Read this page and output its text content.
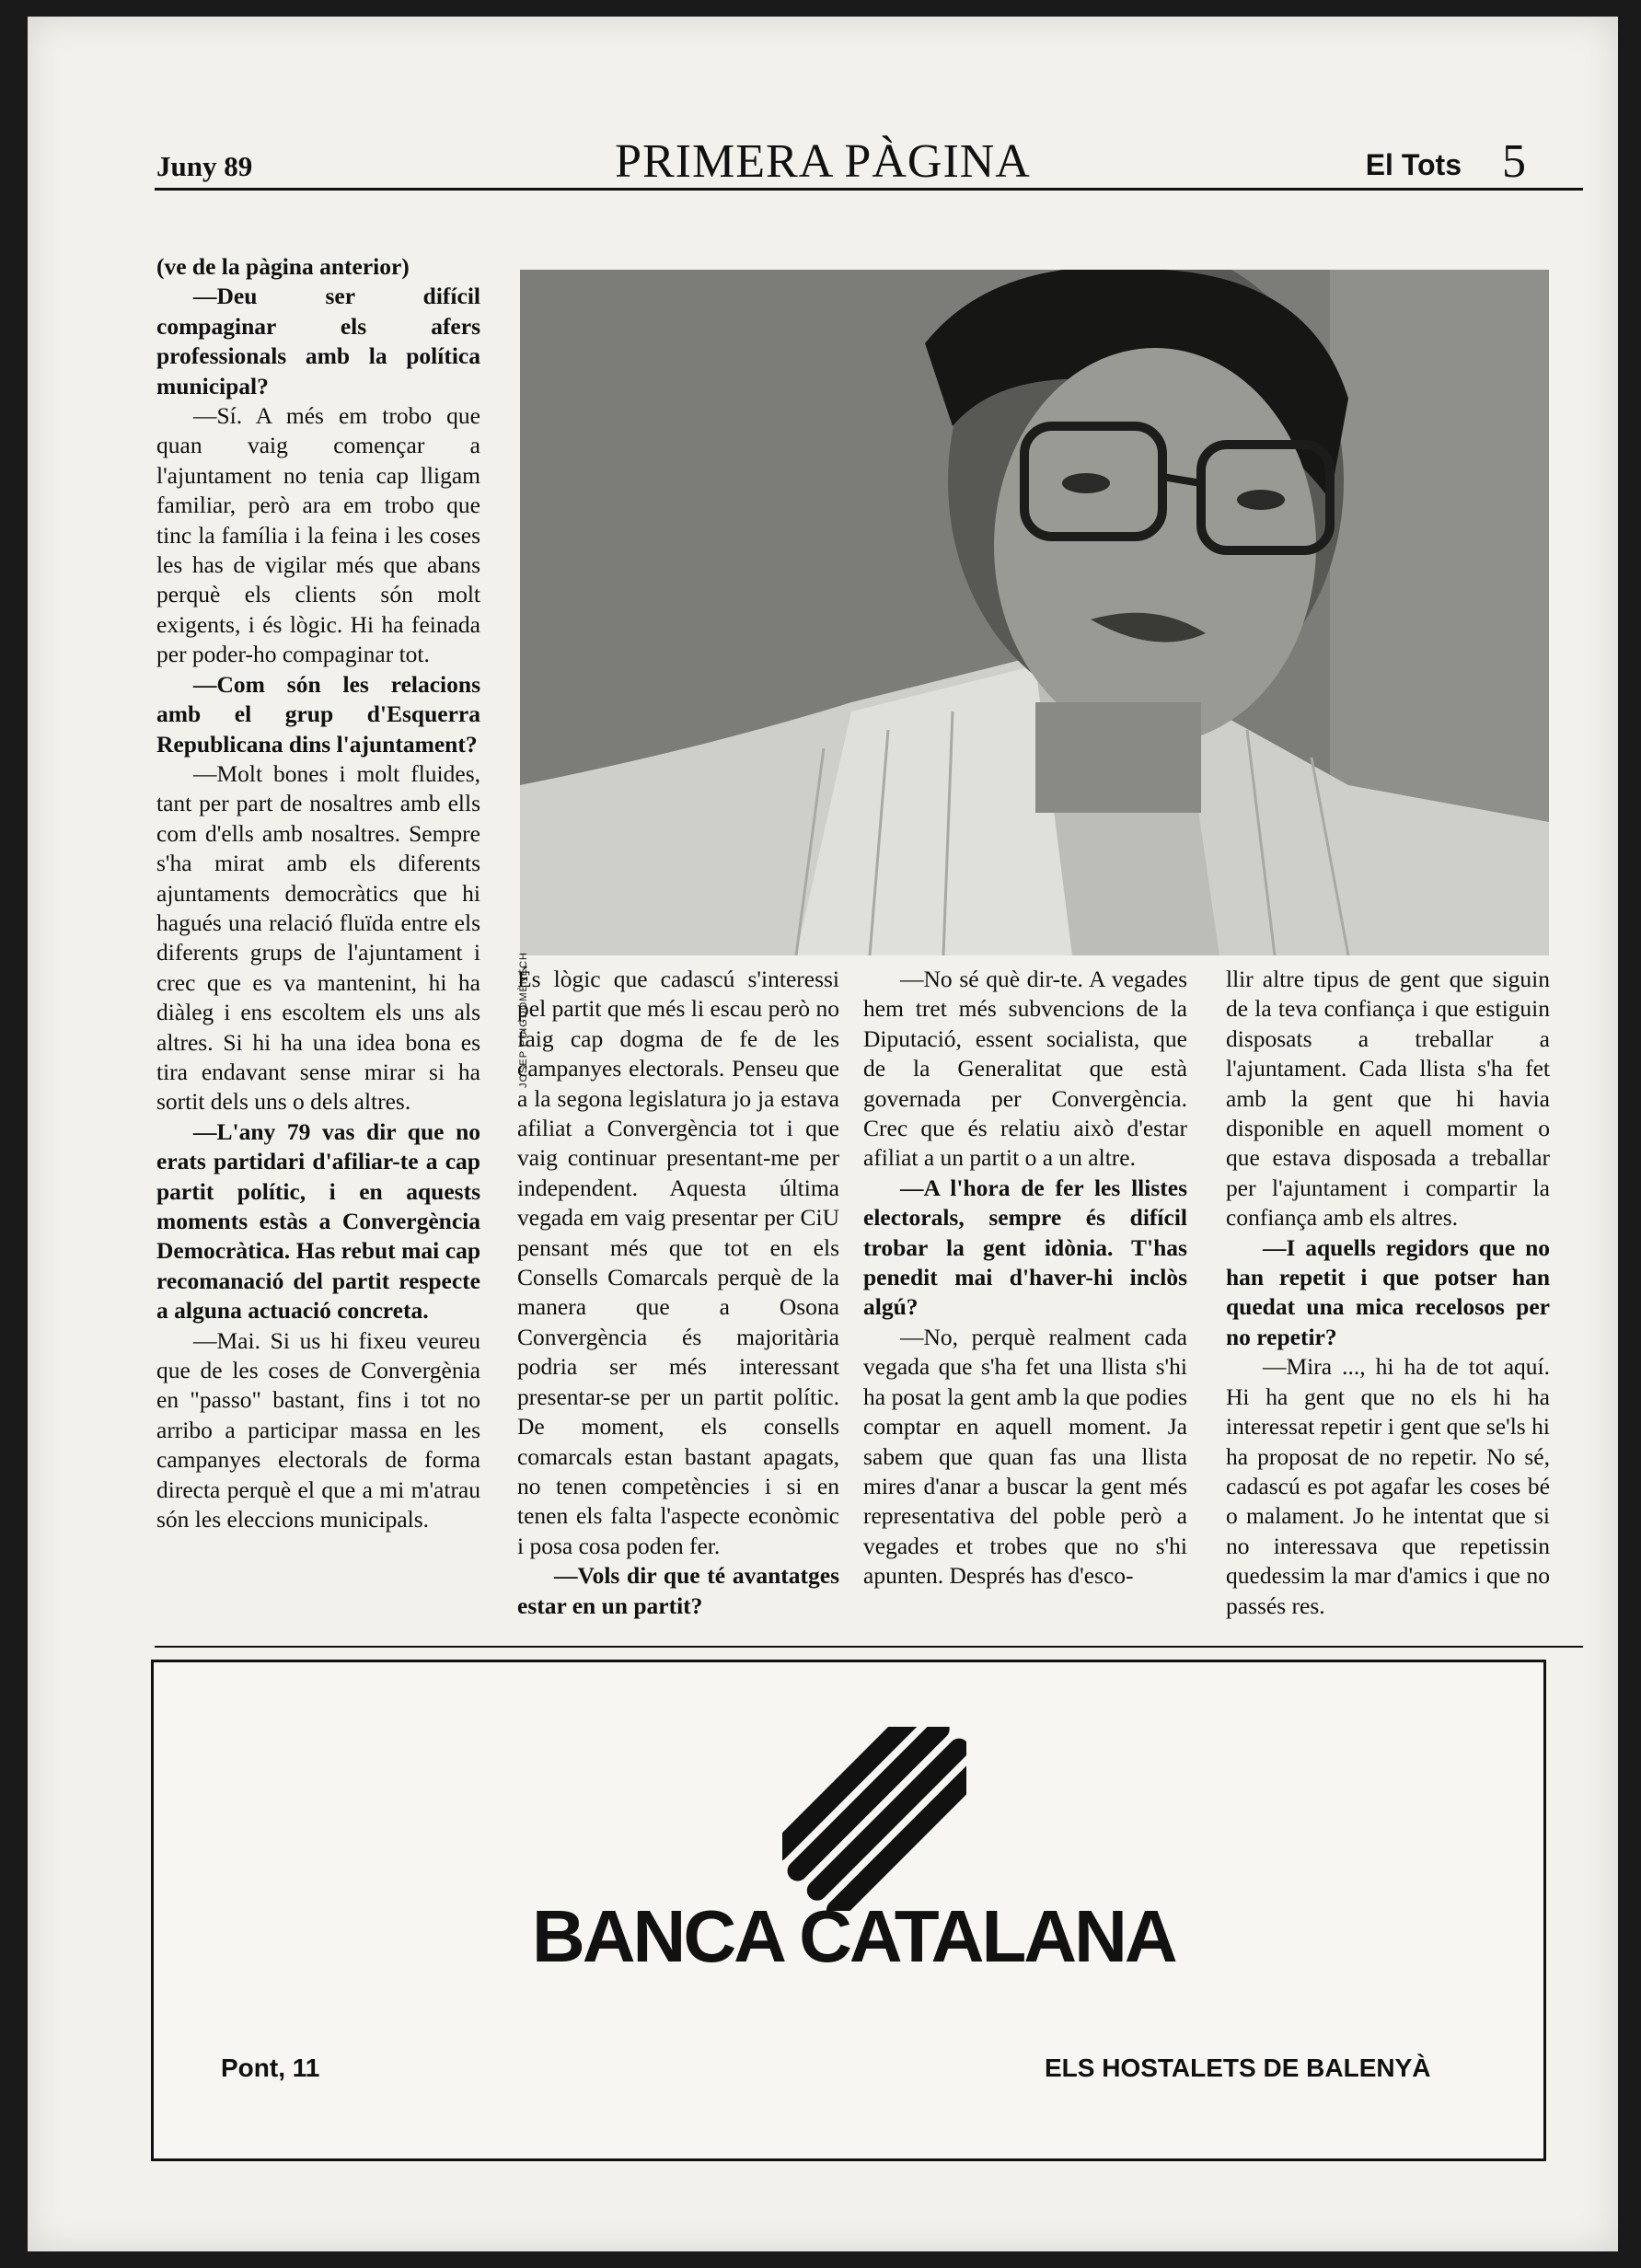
Juny 89	PRIMERA PÀGINA	El Tots 5

(ve de la pàgina anterior)

—Deu ser difícil compaginar els afers professionals amb la política municipal?

—Sí. A més em trobo que quan vaig començar a l'ajuntament no tenia cap lligam familiar, però ara em trobo que tinc la família i la feina i les coses les has de vigilar més que abans perquè els clients són molt exigents, i és lògic. Hi ha feinada per poder-ho compaginar tot.

—Com són les relacions amb el grup d'Esquerra Republicana dins l'ajuntament?

—Molt bones i molt fluides, tant per part de nosaltres amb ells com d'ells amb nosaltres. Sempre s'ha mirat amb els diferents ajuntaments democràtics que hi hagués una relació fluïda entre els diferents grups de l'ajuntament i crec que es va mantenint, hi ha diàleg i ens escoltem els uns als altres. Si hi ha una idea bona es tira endavant sense mirar si ha sortit dels uns o dels altres.

—L'any 79 vas dir que no erats partidari d'afiliar-te a cap partit polític, i en aquests moments estàs a Convergència Democràtica. Has rebut mai cap recomanació del partit respecte a alguna actuació concreta.

—Mai. Si us hi fixeu veureu que de les coses de Convergènia en "passo" bastant, fins i tot no arribo a participar massa en les campanyes electorals de forma directa perquè el que a mi m'atrau són les eleccions municipals.

JOSEP PUIGDOMÈNECH

És lògic que cadascú s'interessi pel partit que més li escau però no faig cap dogma de fe de les campanyes electorals. Penseu que a la segona legislatura jo ja estava afiliat a Convergència tot i que vaig continuar presentant-me per independent. Aquesta última vegada em vaig presentar per CiU pensant més que tot en els Consells Comarcals perquè de la manera que a Osona Convergència és majoritària podria ser més interessant presentar-se per un partit polític. De moment, els consells comarcals estan bastant apagats, no tenen competències i si en tenen els falta l'aspecte econòmic i posa cosa poden fer.

—Vols dir que té avantatges estar en un partit?

—No sé què dir-te. A vegades hem tret més subvencions de la Diputació, essent socialista, que de la Generalitat que està governada per Convergència. Crec que és relatiu això d'estar afiliat a un partit o a un altre.

—A l'hora de fer les llistes electorals, sempre és difícil trobar la gent idònia. T'has penedit mai d'haver-hi inclòs algú?

—No, perquè realment cada vegada que s'ha fet una llista s'hi ha posat la gent amb la que podies comptar en aquell moment. Ja sabem que quan fas una llista mires d'anar a buscar la gent més representativa del poble però a vegades et trobes que no s'hi apunten. Després has d'esco-

llir altre tipus de gent que siguin de la teva confiança i que estiguin disposats a treballar a l'ajuntament. Cada llista s'ha fet amb la gent que hi havia disponible en aquell moment o que estava disposada a treballar per l'ajuntament i compartir la confiança amb els altres.

—I aquells regidors que no han repetit i que potser han quedat una mica recelosos per no repetir?

—Mira ..., hi ha de tot aquí. Hi ha gent que no els hi ha interessat repetir i gent que se'ls hi ha proposat de no repetir. No sé, cadascú es pot agafar les coses bé o malament. Jo he intentat que si no interessava que repetissin quedessim la mar d'amics i que no passés res.

BANCA CATALANA
Pont, 11	ELS HOSTALETS DE BALENYÀ
